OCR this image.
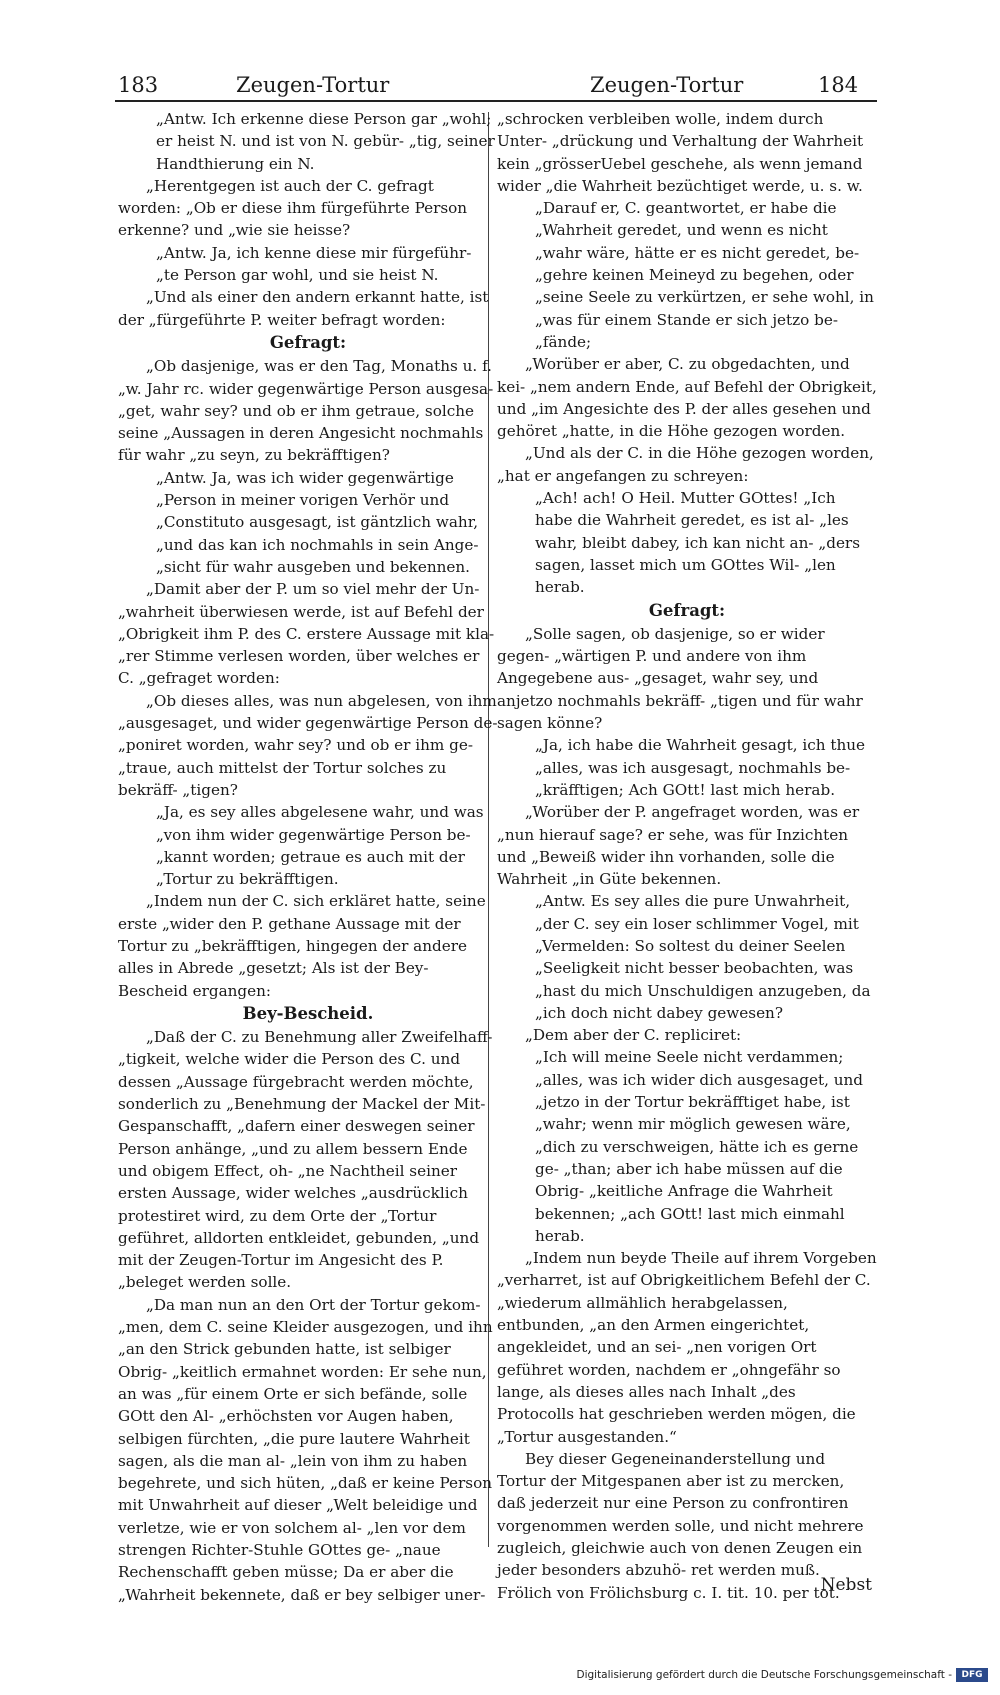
183	Zeugen-Tortur	Zeugen-Tortur	184

„Antw. Ich erkenne diese Person gar „wohl; er heist N. und ist von N. gebür- „tig, seiner Handthierung ein N.

„Herentgegen ist auch der C. gefragt worden: „Ob er diese ihm fürgeführte Person erkenne? und „wie sie heisse?

„Antw. Ja, ich kenne diese mir fürgeführ- „te Person gar wohl, und sie heist N.

„Und als einer den andern erkannt hatte, ist der „fürgeführte P. weiter befragt worden:

Gefragt:

„Ob dasjenige, was er den Tag, Monaths u. f. „w. Jahr rc. wider gegenwärtige Person ausgesa- „get, wahr sey? und ob er ihm getraue, solche seine „Aussagen in deren Angesicht nochmahls für wahr „zu seyn, zu bekräfftigen?

„Antw. Ja, was ich wider gegenwärtige „Person in meiner vorigen Verhör und „Constituto ausgesagt, ist gäntzlich wahr, „und das kan ich nochmahls in sein Ange- „sicht für wahr ausgeben und bekennen.

„Damit aber der P. um so viel mehr der Un- „wahrheit überwiesen werde, ist auf Befehl der „Obrigkeit ihm P. des C. erstere Aussage mit kla- „rer Stimme verlesen worden, über welches er C. „gefraget worden:

„Ob dieses alles, was nun abgelesen, von ihm „ausgesaget, und wider gegenwärtige Person de- „poniret worden, wahr sey? und ob er ihm ge- „traue, auch mittelst der Tortur solches zu bekräff- „tigen?

„Ja, es sey alles abgelesene wahr, und was „von ihm wider gegenwärtige Person be- „kannt worden; getraue es auch mit der „Tortur zu bekräfftigen.

„Indem nun der C. sich erkläret hatte, seine erste „wider den P. gethane Aussage mit der Tortur zu „bekräfftigen, hingegen der andere alles in Abrede „gesetzt; Als ist der Bey-Bescheid ergangen:

Bey-Bescheid.

„Daß der C. zu Benehmung aller Zweifelhaff- „tigkeit, welche wider die Person des C. und dessen „Aussage fürgebracht werden möchte, sonderlich zu „Benehmung der Mackel der Mit-Gespanschafft, „dafern einer deswegen seiner Person anhänge, „und zu allem bessern Ende und obigem Effect, oh- „ne Nachtheil seiner ersten Aussage, wider welches „ausdrücklich protestiret wird, zu dem Orte der „Tortur geführet, alldorten entkleidet, gebunden, „und mit der Zeugen-Tortur im Angesicht des P. „beleget werden solle.

„Da man nun an den Ort der Tortur gekom- „men, dem C. seine Kleider ausgezogen, und ihn „an den Strick gebunden hatte, ist selbiger Obrig- „keitlich ermahnet worden: Er sehe nun, an was „für einem Orte er sich befände, solle GOtt den Al- „erhöchsten vor Augen haben, selbigen fürchten, „die pure lautere Wahrheit sagen, als die man al- „lein von ihm zu haben begehrete, und sich hüten, „daß er keine Person mit Unwahrheit auf dieser „Welt beleidige und verletze, wie er von solchem al- „len vor dem strengen Richter-Stuhle GOttes ge- „naue Rechenschafft geben müsse; Da er aber die „Wahrheit bekennete, daß er bey selbiger uner-

„schrocken verbleiben wolle, indem durch Unter- „drückung und Verhaltung der Wahrheit kein „grösserUebel geschehe, als wenn jemand wider „die Wahrheit bezüchtiget werde, u. s. w.

„Darauf er, C. geantwortet, er habe die „Wahrheit geredet, und wenn es nicht „wahr wäre, hätte er es nicht geredet, be- „gehre keinen Meineyd zu begehen, oder „seine Seele zu verkürtzen, er sehe wohl, in „was für einem Stande er sich jetzo be- „fände;

„Worüber er aber, C. zu obgedachten, und kei- „nem andern Ende, auf Befehl der Obrigkeit, und „im Angesichte des P. der alles gesehen und gehöret „hatte, in die Höhe gezogen worden.

„Und als der C. in die Höhe gezogen worden, „hat er angefangen zu schreyen:

„Ach! ach! O Heil. Mutter GOttes! „Ich habe die Wahrheit geredet, es ist al- „les wahr, bleibt dabey, ich kan nicht an- „ders sagen, lasset mich um GOttes Wil- „len herab.

Gefragt:

„Solle sagen, ob dasjenige, so er wider gegen- „wärtigen P. und andere von ihm Angegebene aus- „gesaget, wahr sey, und anjetzo nochmahls bekräff- „tigen und für wahr sagen könne?

„Ja, ich habe die Wahrheit gesagt, ich thue „alles, was ich ausgesagt, nochmahls be- „kräfftigen; Ach GOtt! last mich herab.

„Worüber der P. angefraget worden, was er „nun hierauf sage? er sehe, was für Inzichten und „Beweiß wider ihn vorhanden, solle die Wahrheit „in Güte bekennen.

„Antw. Es sey alles die pure Unwahrheit, „der C. sey ein loser schlimmer Vogel, mit „Vermelden: So soltest du deiner Seelen „Seeligkeit nicht besser beobachten, was „hast du mich Unschuldigen anzugeben, da „ich doch nicht dabey gewesen?

„Dem aber der C. repliciret:

„Ich will meine Seele nicht verdammen; „alles, was ich wider dich ausgesaget, und „jetzo in der Tortur bekräfftiget habe, ist „wahr; wenn mir möglich gewesen wäre, „dich zu verschweigen, hätte ich es gerne ge- „than; aber ich habe müssen auf die Obrig- „keitliche Anfrage die Wahrheit bekennen; „ach GOtt! last mich einmahl herab.

„Indem nun beyde Theile auf ihrem Vorgeben „verharret, ist auf Obrigkeitlichem Befehl der C. „wiederum allmählich herabgelassen, entbunden, „an den Armen eingerichtet, angekleidet, und an sei- „nen vorigen Ort geführet worden, nachdem er „ohngefähr so lange, als dieses alles nach Inhalt „des Protocolls hat geschrieben werden mögen, die „Tortur ausgestanden.“

Bey dieser Gegeneinanderstellung und Tortur der Mitgespanen aber ist zu mercken, daß jederzeit nur eine Person zu confrontiren vorgenommen werden solle, und nicht mehrere zugleich, gleichwie auch von denen Zeugen ein jeder besonders abzuhö- ret werden muß. Frölich von Frölichsburg c. I. tit. 10. per tot.

Nebst
Digitalisierung gefördert durch die Deutsche Forschungsgemeinschaft -	DFG
